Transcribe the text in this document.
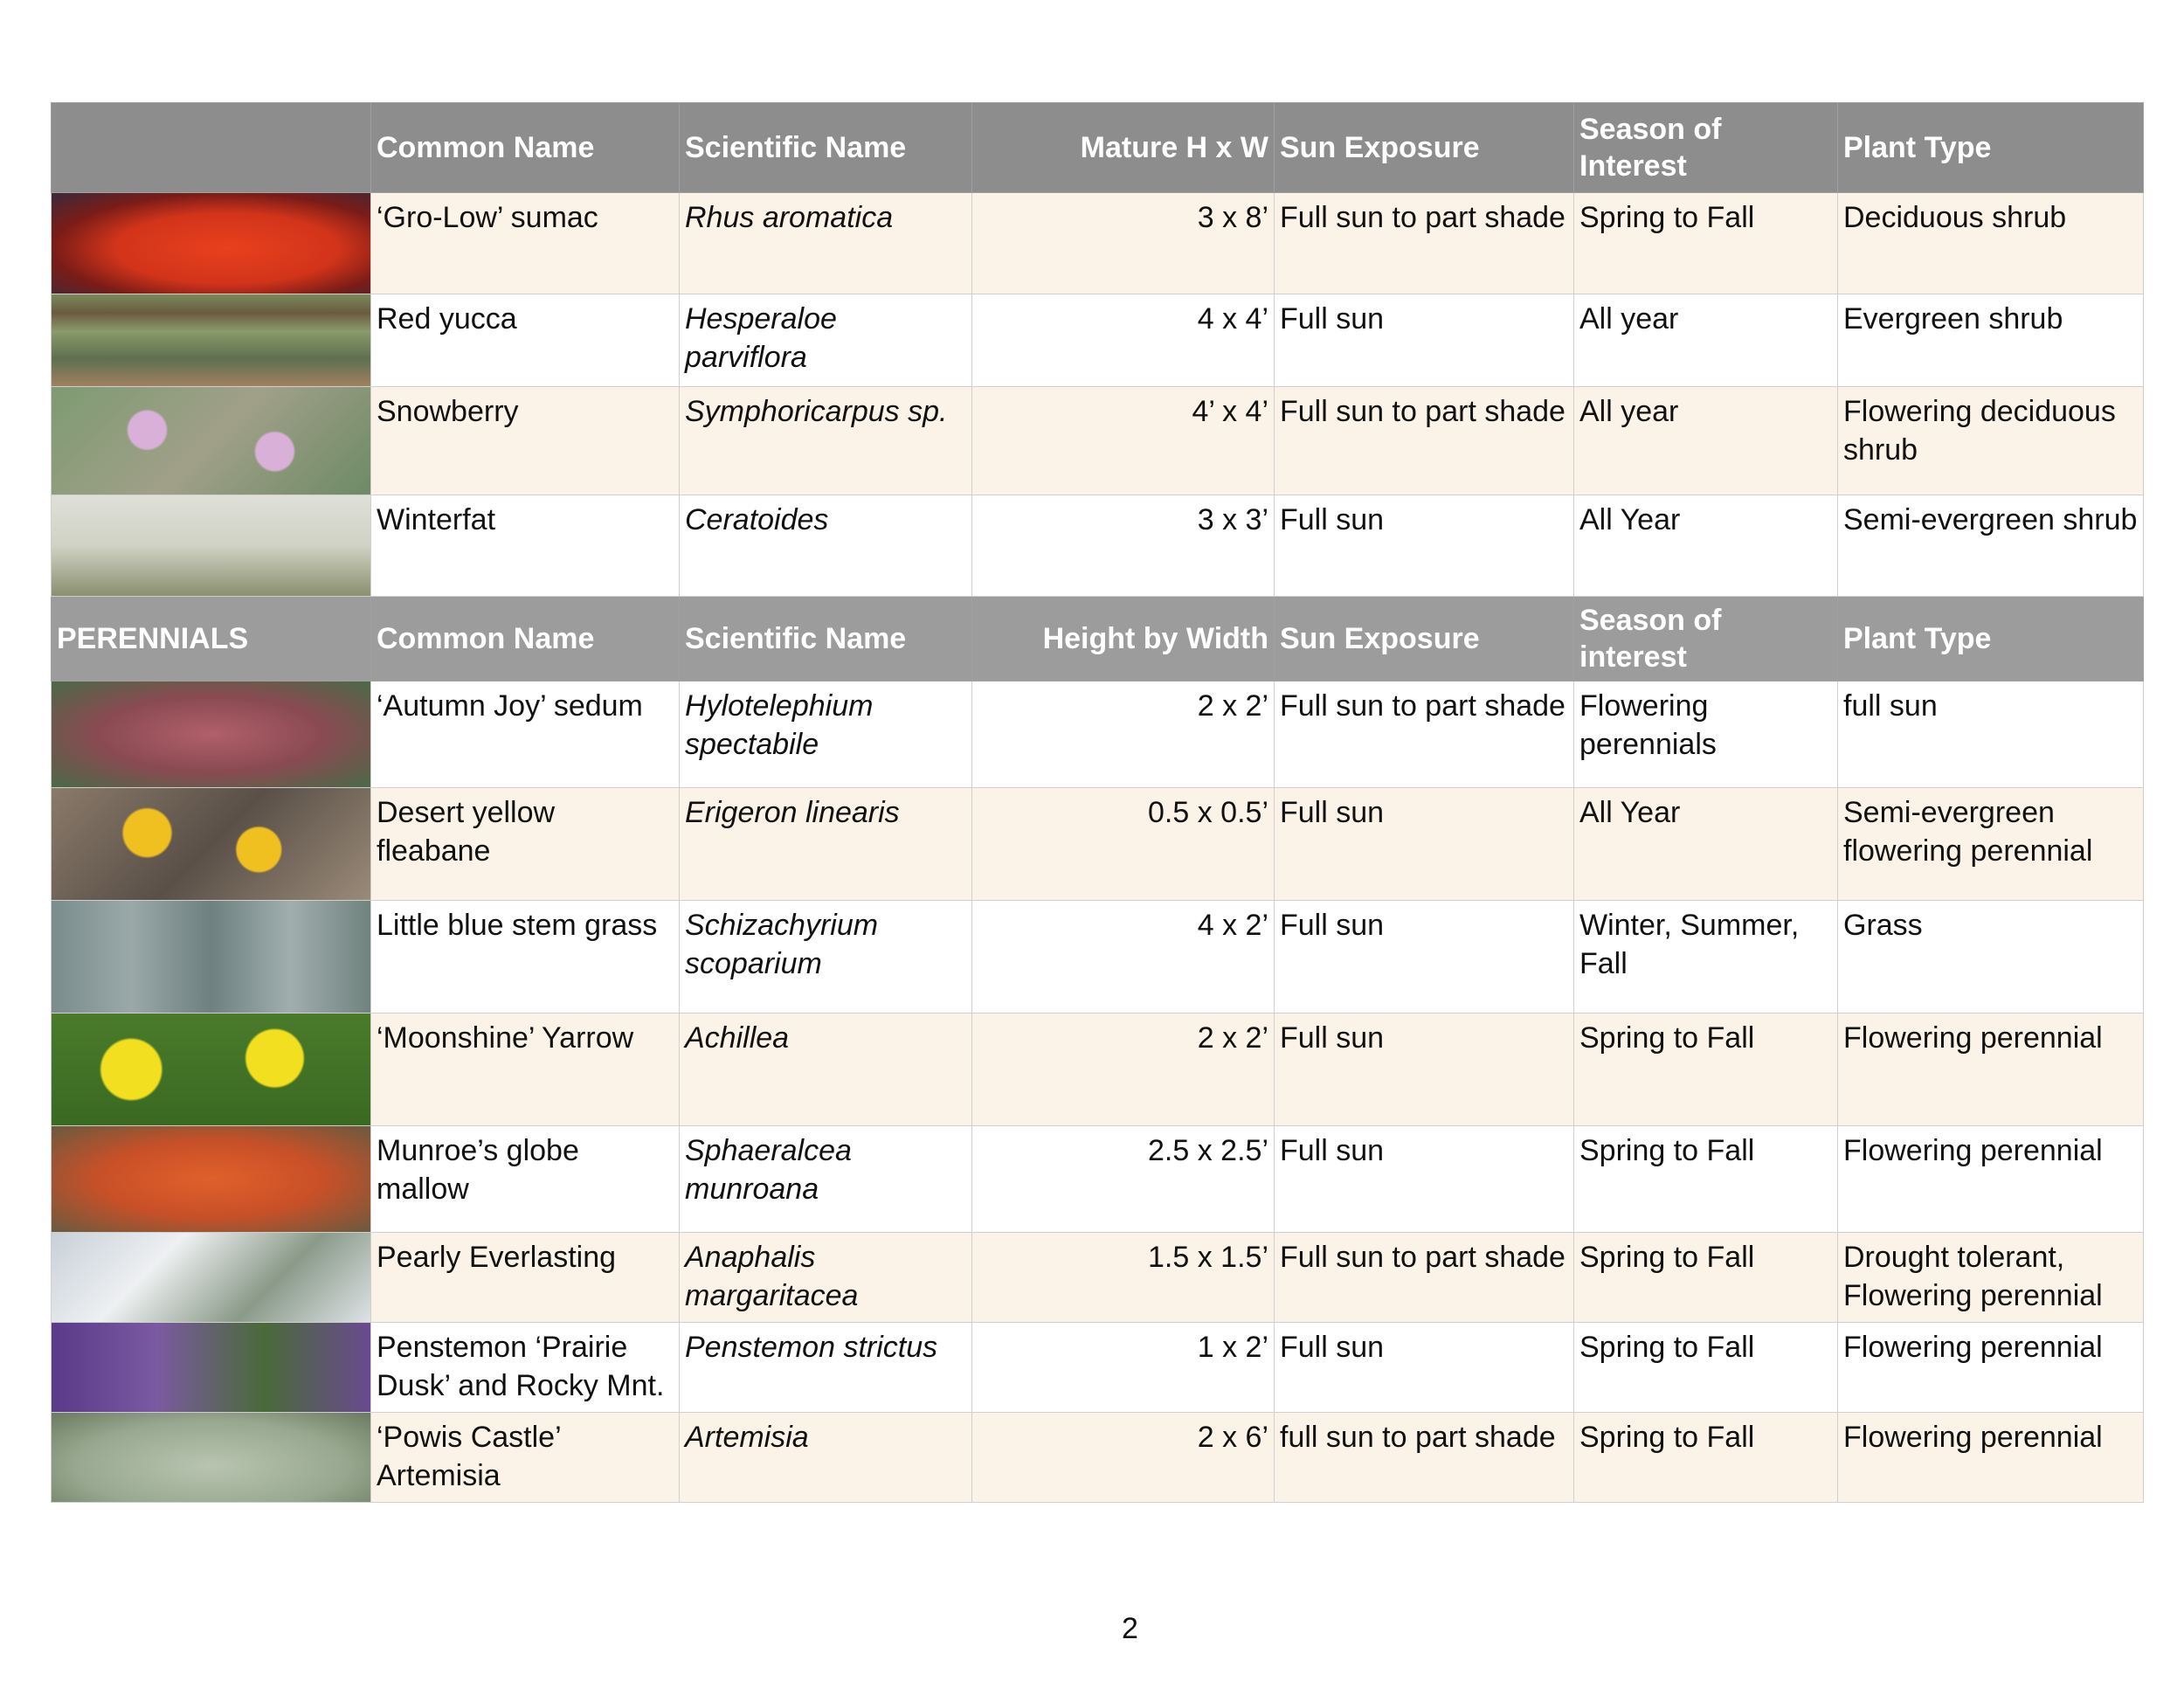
	Common Name	Scientific Name	Mature H x W	Sun Exposure	Season of Interest	Plant Type

	‘Gro-Low’ sumac	Rhus aromatica	3 x 8’	Full sun to part shade	Spring to Fall	Deciduous shrub

	Red yucca	Hesperaloe parviflora	4 x 4’	Full sun	All year	Evergreen shrub

	Snowberry	Symphoricarpus sp.	4’ x 4’	Full sun to part shade	All year	Flowering deciduous shrub

	Winterfat	Ceratoides	3 x 3’	Full sun	All Year	Semi-evergreen shrub
PERENNIALS	Common Name	Scientific Name	Height by Width	Sun Exposure	Season of interest	Plant Type

	‘Autumn Joy’ sedum	Hylotelephium spectabile	2 x 2’	Full sun to part shade	Flowering perennials	full sun

	Desert yellow fleabane	Erigeron linearis	0.5 x 0.5’	Full sun	All Year	Semi-evergreen flowering perennial

	Little blue stem grass	Schizachyrium scoparium	4 x 2’	Full sun	Winter, Summer, Fall	Grass

	‘Moonshine’ Yarrow	Achillea	2 x 2’	Full sun	Spring to Fall	Flowering perennial

	Munroe’s globe mallow	Sphaeralcea munroana	2.5 x 2.5’	Full sun	Spring to Fall	Flowering perennial

	Pearly Everlasting	Anaphalis margaritacea	1.5 x 1.5’	Full sun to part shade	Spring to Fall	Drought tolerant, Flowering perennial

	Penstemon ‘Prairie Dusk’ and Rocky Mnt.	Penstemon strictus	1 x 2’	Full sun	Spring to Fall	Flowering perennial

	‘Powis Castle’ Artemisia	Artemisia	2 x 6’	full sun to part shade	Spring to Fall	Flowering perennial
2
